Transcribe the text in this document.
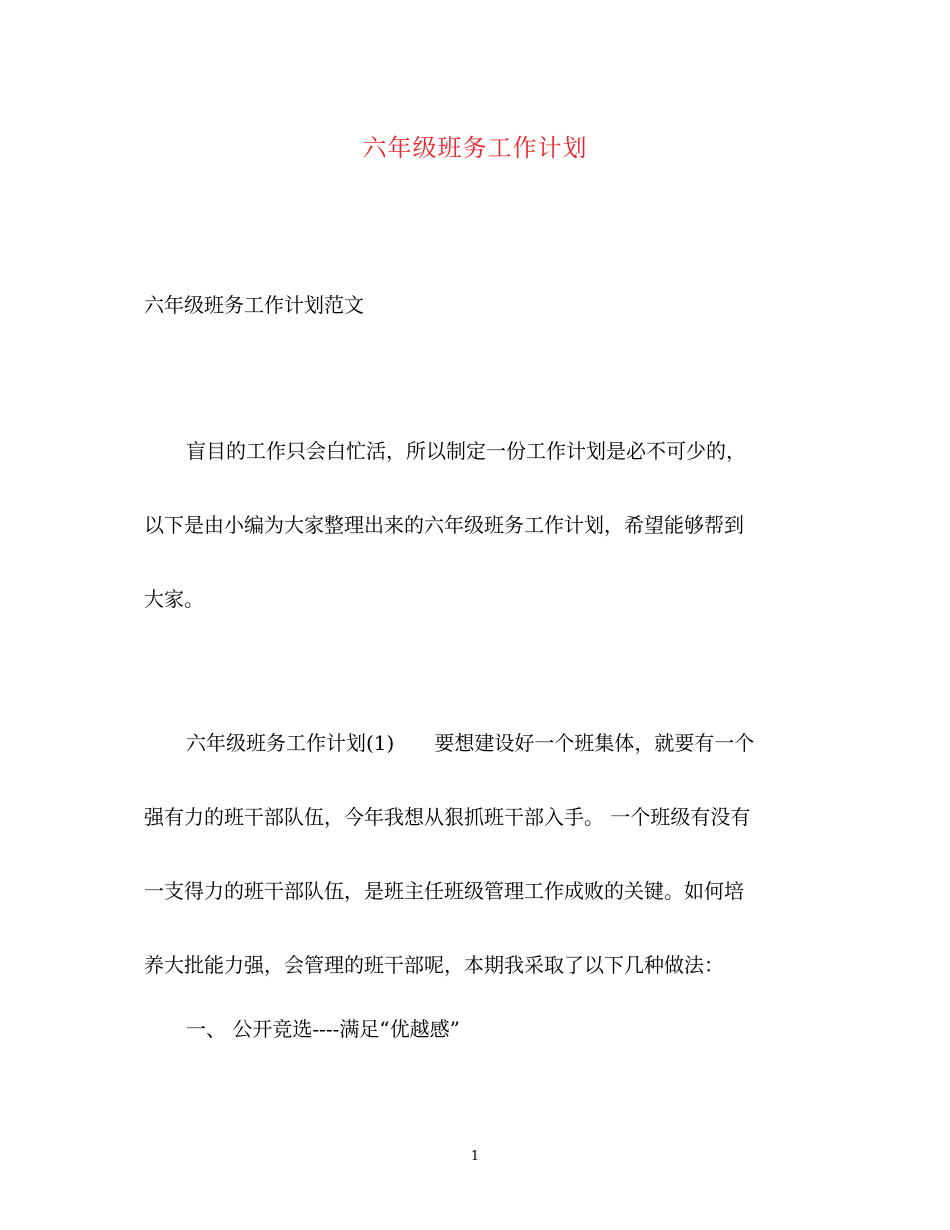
六年级班务工作计划
六年级班务工作计划范文
盲目的工作只会白忙活，所以制定一份工作计划是必不可少的，
以下是由小编为大家整理出来的六年级班务工作计划，希望能够帮到
大家。
六年级班务工作计划(1)　　要想建设好一个班集体，就要有一个
强有力的班干部队伍，今年我想从狠抓班干部入手。 一个班级有没有
一支得力的班干部队伍，是班主任班级管理工作成败的关键。如何培
养大批能力强，会管理的班干部呢，本期我采取了以下几种做法：
一、 公开竞选----满足“优越感”
1
